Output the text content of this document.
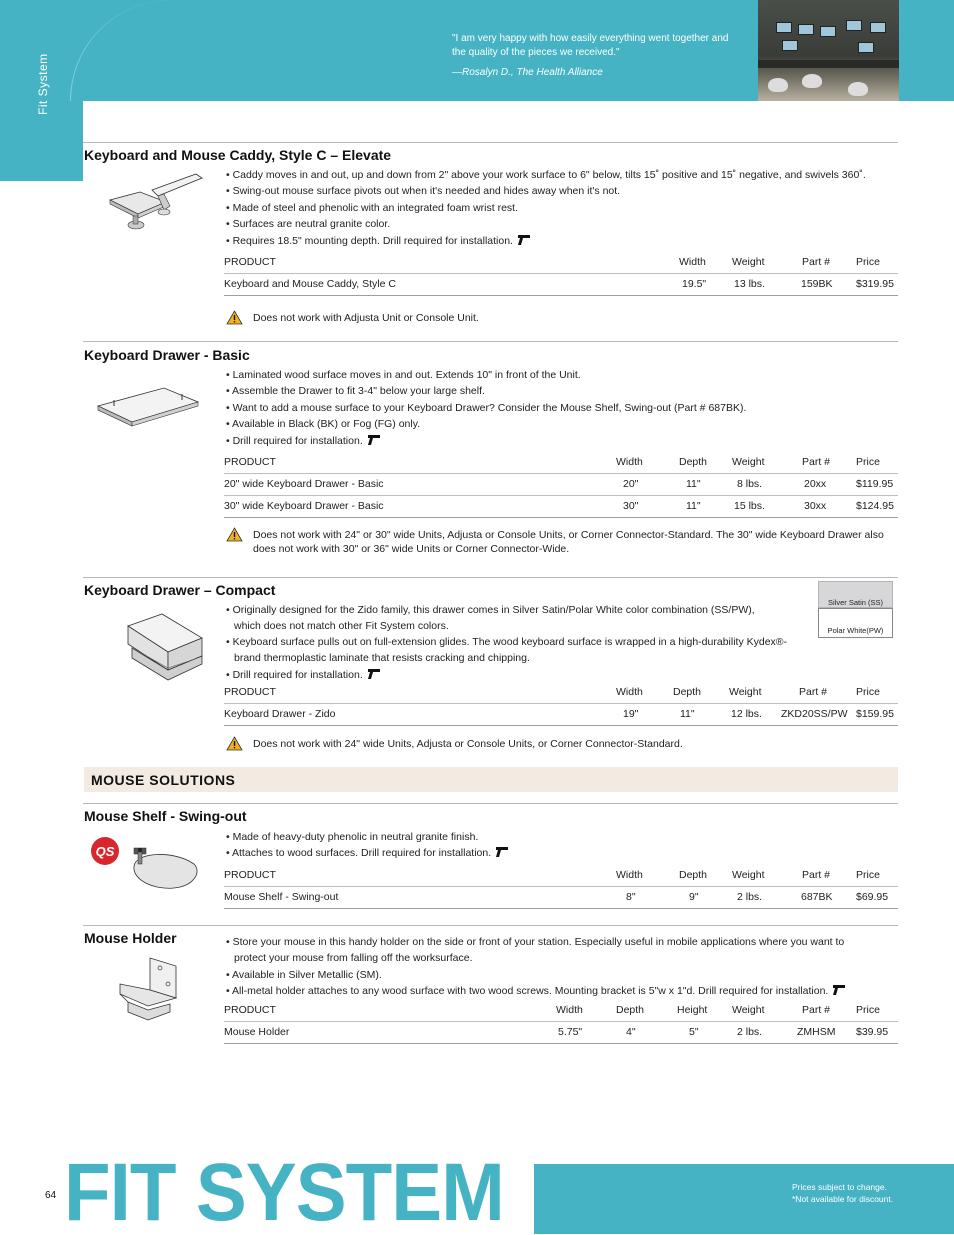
Fit System
"I am very happy with how easily everything went together and the quality of the pieces we received."
—Rosalyn D., The Health Alliance
Keyboard and Mouse Caddy, Style C – Elevate
• Caddy moves in and out, up and down from 2" above your work surface to 6" below, tilts 15˚ positive and 15˚ negative, and swivels 360˚.
• Swing-out mouse surface pivots out when it's needed and hides away when it's not.
• Made of steel and phenolic with an integrated foam wrist rest.
• Surfaces are neutral granite color.
• Requires 18.5" mounting depth. Drill required for installation.
PRODUCT	Width Weight	Part # Price
Keyboard and Mouse Caddy, Style C	19.5"	13 lbs.	159BK $319.95
Does not work with Adjusta Unit or Console Unit.
Keyboard Drawer - Basic
• Laminated wood surface moves in and out. Extends 10" in front of the Unit.
• Assemble the Drawer to fit 3-4" below your large shelf.
• Want to add a mouse surface to your Keyboard Drawer? Consider the Mouse Shelf, Swing-out (Part # 687BK).
• Available in Black (BK) or Fog (FG) only.
• Drill required for installation.
PRODUCT	Width	Depth Weight	Part # Price
20" wide Keyboard Drawer - Basic	20"	11"	8 lbs.	20xx	$119.95
30" wide Keyboard Drawer - Basic	30"	11"	15 lbs.	30xx	$124.95
Does not work with 24" or 30" wide Units, Adjusta or Console Units, or Corner Connector-Standard. The 30" wide Keyboard Drawer also does not work with 30" or 36" wide Units or Corner Connector-Wide.
Keyboard Drawer – Compact
• Originally designed for the Zido family, this drawer comes in Silver Satin/Polar White color combination (SS/PW),
which does not match other Fit System colors.
• Keyboard surface pulls out on full-extension glides. The wood keyboard surface is wrapped in a high-durability Kydex®-
brand thermoplastic laminate that resists cracking and chipping.
• Drill required for installation.
Silver Satin (SS)
Polar White(PW)
PRODUCT	Width	Depth	Weight	Part #	Price
Keyboard Drawer - Zido	19"	11"	12 lbs. ZKD20SS/PW $159.95
Does not work with 24" wide Units, Adjusta or Console Units, or Corner Connector-Standard.
MOUSE SOLUTIONS
Mouse Shelf - Swing-out
QS
• Made of heavy-duty phenolic in neutral granite finish.
• Attaches to wood surfaces. Drill required for installation.
PRODUCT	Width	Depth Weight	Part # Price
Mouse Shelf - Swing-out	8"	9"	2 lbs.	687BK $69.95
Mouse Holder	• Store your mouse in this handy holder on the side or front of your station. Especially useful in mobile applications where you want to
protect your mouse from falling off the worksurface.
• Available in Silver Metallic (SM).
• All-metal holder attaches to any wood surface with two wood screws. Mounting bracket is 5"w x 1"d. Drill required for installation.
PRODUCT	Width	Depth	Height Weight	Part # Price
Mouse Holder	5.75"	4"	5"	2 lbs.	ZMHSM $39.95
64 FIT SYSTEM	Prices subject to change.
*Not available for discount.
